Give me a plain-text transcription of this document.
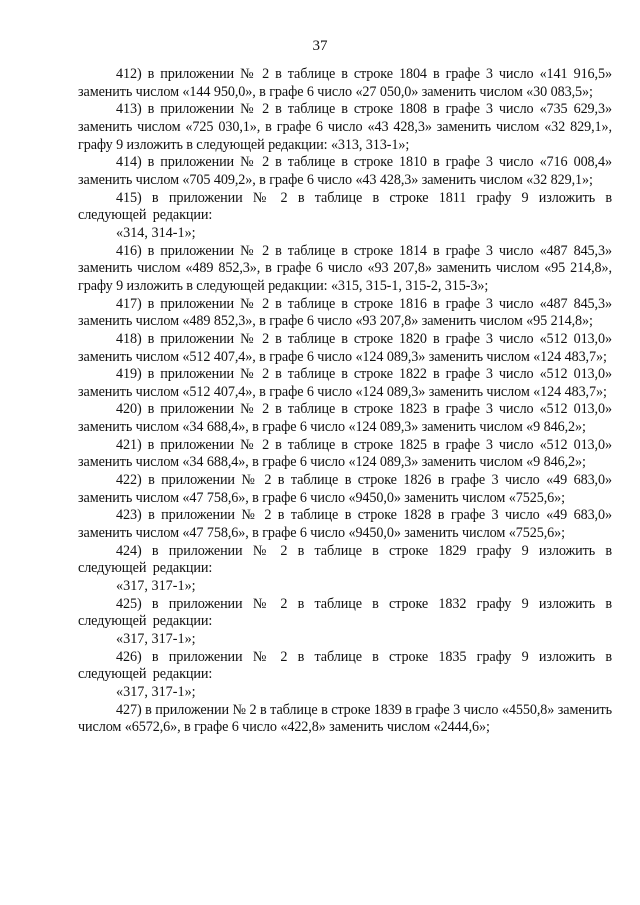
37

412) в приложении № 2 в таблице в строке 1804 в графе 3 число «141 916,5» заменить числом «144 950,0», в графе 6 число «27 050,0» заменить числом «30 083,5»;

413) в приложении № 2 в таблице в строке 1808 в графе 3 число «735 629,3» заменить числом «725 030,1», в графе 6 число «43 428,3» заменить числом «32 829,1», графу 9 изложить в следующей редакции: «313, 313-1»;

414) в приложении № 2 в таблице в строке 1810 в графе 3 число «716 008,4» заменить числом «705 409,2», в графе 6 число «43 428,3» заменить числом «32 829,1»;

415) в приложении № 2 в таблице в строке 1811 графу 9 изложить в следующей редакции:

«314, 314-1»;

416) в приложении № 2 в таблице в строке 1814 в графе 3 число «487 845,3» заменить числом «489 852,3», в графе 6 число «93 207,8» заменить числом «95 214,8», графу 9 изложить в следующей редакции: «315, 315-1, 315-2, 315-3»;

417) в приложении № 2 в таблице в строке 1816 в графе 3 число «487 845,3» заменить числом «489 852,3», в графе 6 число «93 207,8» заменить числом «95 214,8»;

418) в приложении № 2 в таблице в строке 1820 в графе 3 число «512 013,0» заменить числом «512 407,4», в графе 6 число «124 089,3» заменить числом «124 483,7»;

419) в приложении № 2 в таблице в строке 1822 в графе 3 число «512 013,0» заменить числом «512 407,4», в графе 6 число «124 089,3» заменить числом «124 483,7»;

420) в приложении № 2 в таблице в строке 1823 в графе 3 число «512 013,0» заменить числом «34 688,4», в графе 6 число «124 089,3» заменить числом «9 846,2»;

421) в приложении № 2 в таблице в строке 1825 в графе 3 число «512 013,0» заменить числом «34 688,4», в графе 6 число «124 089,3» заменить числом «9 846,2»;

422) в приложении № 2 в таблице в строке 1826 в графе 3 число «49 683,0» заменить числом «47 758,6», в графе 6 число «9450,0» заменить числом «7525,6»;

423) в приложении № 2 в таблице в строке 1828 в графе 3 число «49 683,0» заменить числом «47 758,6», в графе 6 число «9450,0» заменить числом «7525,6»;

424) в приложении № 2 в таблице в строке 1829 графу 9 изложить в следующей редакции:

«317, 317-1»;

425) в приложении № 2 в таблице в строке 1832 графу 9 изложить в следующей редакции:

«317, 317-1»;

426) в приложении № 2 в таблице в строке 1835 графу 9 изложить в следующей редакции:

«317, 317-1»;

427) в приложении № 2 в таблице в строке 1839 в графе 3 число «4550,8» заменить числом «6572,6», в графе 6 число «422,8» заменить числом «2444,6»;
